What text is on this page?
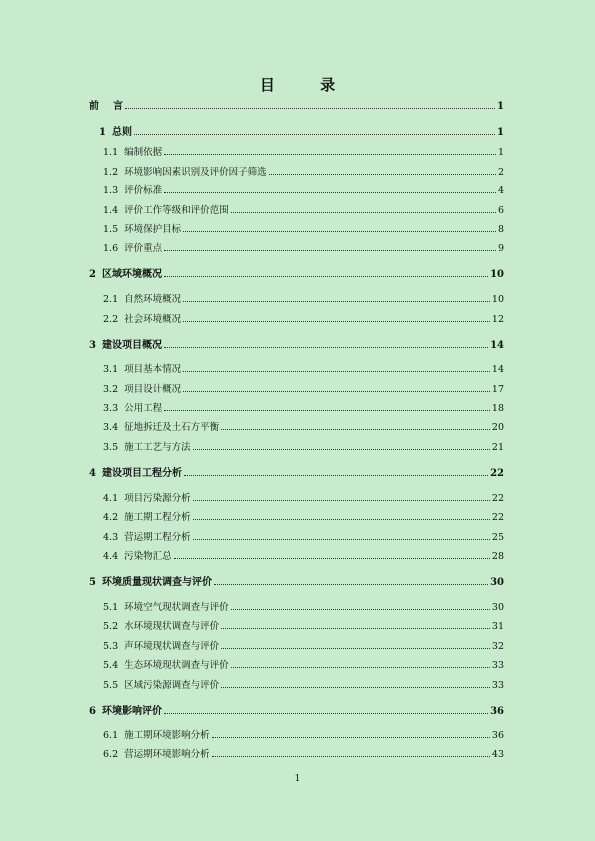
目 录
前 言	1
1 总则	1
1.1 编制依据	1
1.2 环境影响因素识别及评价因子筛选	2
1.3 评价标准	4
1.4 评价工作等级和评价范围	6
1.5 环境保护目标	8
1.6 评价重点	9
2 区域环境概况	10
2.1 自然环境概况	10
2.2 社会环境概况	12
3 建设项目概况	14
3.1 项目基本情况	14
3.2 项目设计概况	17
3.3 公用工程	18
3.4 征地拆迁及土石方平衡	20
3.5 施工工艺与方法	21
4 建设项目工程分析	22
4.1 项目污染源分析	22
4.2 施工期工程分析	22
4.3 营运期工程分析	25
4.4 污染物汇总	28
5 环境质量现状调查与评价	30
5.1 环境空气现状调查与评价	30
5.2 水环境现状调查与评价	31
5.3 声环境现状调查与评价	32
5.4 生态环境现状调查与评价	33
5.5 区域污染源调查与评价	33
6 环境影响评价	36
6.1 施工期环境影响分析	36
6.2 营运期环境影响分析	43

1
